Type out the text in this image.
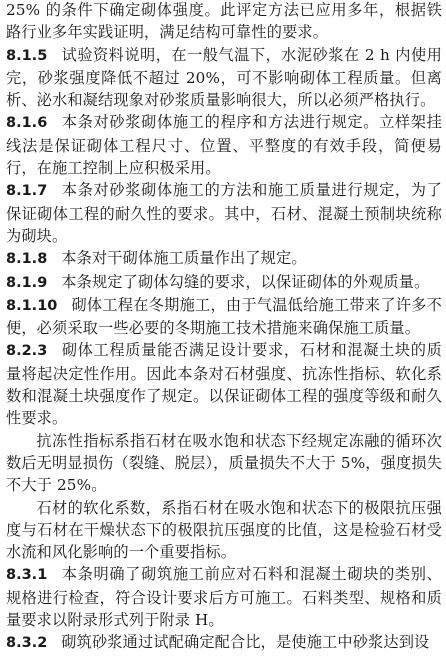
25% 的条件下确定砌体强度。此评定方法已应用多年，根据铁路行业多年实践证明，满足结构可靠性的要求。

8.1.5 试验资料说明，在一般气温下，水泥砂浆在 2 h 内使用完，砂浆强度降低不超过 20%，可不影响砌体工程质量。但离析、泌水和凝结现象对砂浆质量影响很大，所以必须严格执行。

8.1.6 本条对砂浆砌体施工的程序和方法进行规定。立样架挂线法是保证砌体工程尺寸、位置、平整度的有效手段，简便易行，在施工控制上应积极采用。

8.1.7 本条对砂浆砌体施工的方法和施工质量进行规定，为了保证砌体工程的耐久性的要求。其中，石材、混凝土预制块统称为砌块。

8.1.8 本条对干砌体施工质量作出了规定。

8.1.9 本条规定了砌体勾缝的要求，以保证砌体的外观质量。

8.1.10 砌体工程在冬期施工，由于气温低给施工带来了许多不便，必须采取一些必要的冬期施工技术措施来确保施工质量。

8.2.3 砌体工程质量能否满足设计要求，石材和混凝土块的质量将起决定性作用。因此本条对石材强度、抗冻性指标、软化系数和混凝土块强度作了规定。以保证砌体工程的强度等级和耐久性要求。

抗冻性指标系指石材在吸水饱和状态下经规定冻融的循环次数后无明显损伤（裂缝、脱层），质量损失不大于 5%，强度损失不大于 25%。

石材的软化系数，系指石材在吸水饱和状态下的极限抗压强度与石材在干燥状态下的极限抗压强度的比值，这是检验石材受水流和风化影响的一个重要指标。

8.3.1 本条明确了砌筑施工前应对石料和混凝土砌块的类别、规格进行检查，符合设计要求后方可施工。石料类型、规格和质量要求以附录形式列于附录 H。

8.3.2 砌筑砂浆通过试配确定配合比，是使施工中砂浆达到设
